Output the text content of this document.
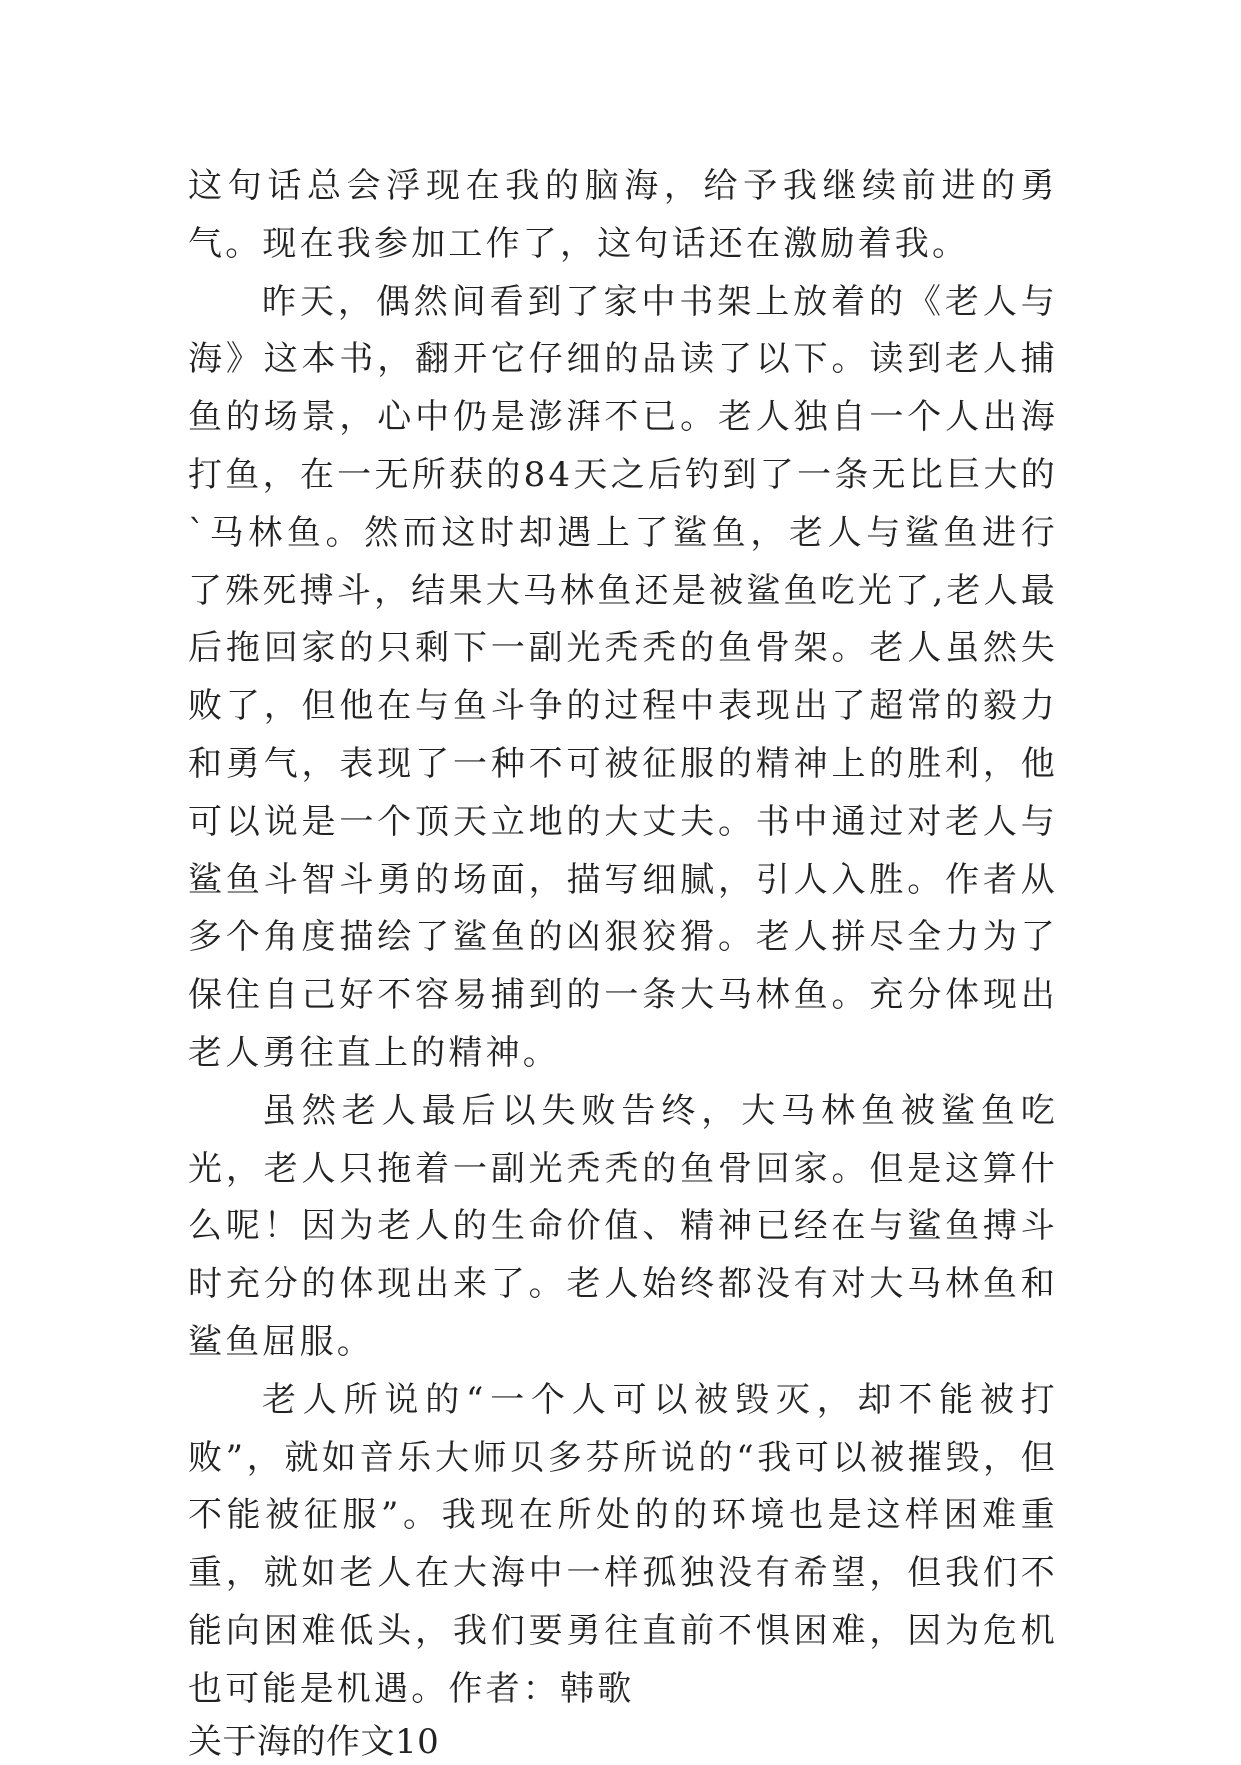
这句话总会浮现在我的脑海，给予我继续前进的勇气。现在我参加工作了，这句话还在激励着我。

昨天，偶然间看到了家中书架上放着的《老人与海》这本书，翻开它仔细的品读了以下。读到老人捕鱼的场景，心中仍是澎湃不已。老人独自一个人出海打鱼，在一无所获的84天之后钓到了一条无比巨大的`马林鱼。然而这时却遇上了鲨鱼，老人与鲨鱼进行了殊死搏斗，结果大马林鱼还是被鲨鱼吃光了,老人最后拖回家的只剩下一副光秃秃的鱼骨架。老人虽然失败了，但他在与鱼斗争的过程中表现出了超常的毅力和勇气，表现了一种不可被征服的精神上的胜利，他可以说是一个顶天立地的大丈夫。书中通过对老人与鲨鱼斗智斗勇的场面，描写细腻，引人入胜。作者从多个角度描绘了鲨鱼的凶狠狡猾。老人拼尽全力为了保住自己好不容易捕到的一条大马林鱼。充分体现出老人勇往直上的精神。

虽然老人最后以失败告终，大马林鱼被鲨鱼吃光，老人只拖着一副光秃秃的鱼骨回家。但是这算什么呢！因为老人的生命价值、精神已经在与鲨鱼搏斗时充分的体现出来了。老人始终都没有对大马林鱼和鲨鱼屈服。

老人所说的“一个人可以被毁灭，却不能被打败”，就如音乐大师贝多芬所说的“我可以被摧毁，但不能被征服”。我现在所处的的环境也是这样困难重重，就如老人在大海中一样孤独没有希望，但我们不能向困难低头，我们要勇往直前不惧困难，因为危机也可能是机遇。作者：韩歌

关于海的作文10
